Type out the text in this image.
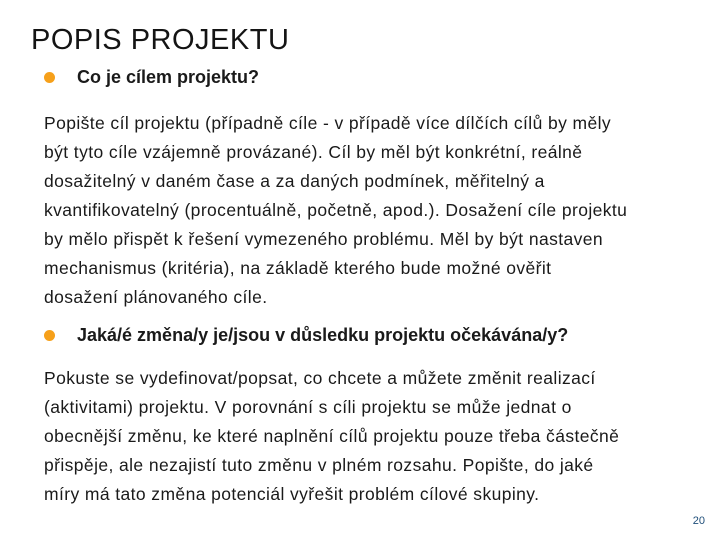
POPIS PROJEKTU
Co je cílem projektu?
Popište cíl projektu (případně cíle - v případě více dílčích cílů by měly
být tyto cíle vzájemně provázané). Cíl by měl být konkrétní, reálně
dosažitelný v daném čase a za daných podmínek, měřitelný a
kvantifikovatelný (procentuálně, početně, apod.). Dosažení cíle projektu
by mělo přispět k řešení vymezeného problému. Měl by být nastaven
mechanismus (kritéria), na základě kterého bude možné ověřit
dosažení plánovaného cíle.
Jaká/é změna/y je/jsou v důsledku projektu očekávána/y?
Pokuste se vydefinovat/popsat, co chcete a můžete změnit realizací
(aktivitami) projektu. V porovnání s cíli projektu se může jednat o
obecnější změnu, ke které naplnění cílů projektu pouze třeba částečně
přispěje, ale nezajistí tuto změnu v plném rozsahu. Popište, do jaké
míry má tato změna potenciál vyřešit problém cílové skupiny.
20
